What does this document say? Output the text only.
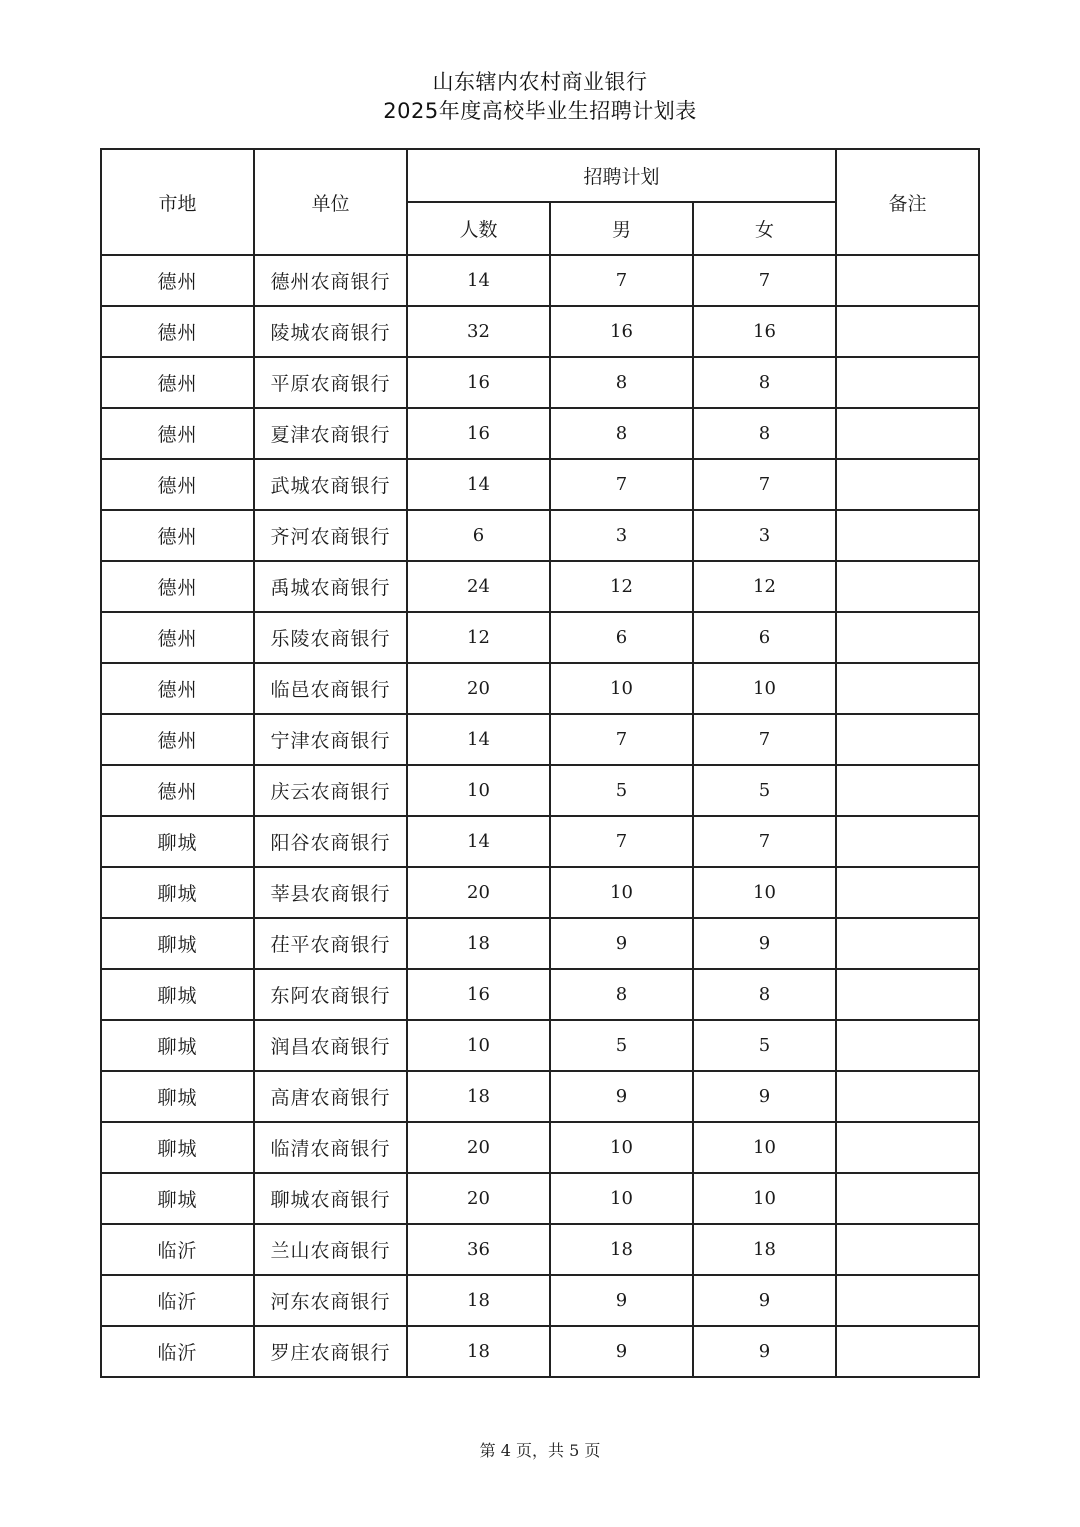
山东辖内农村商业银行
2025年度高校毕业生招聘计划表
市地	单位	招聘计划			备注
		人数	男	女	
德州	德州农商银行	14	7	7	
德州	陵城农商银行	32	16	16	
德州	平原农商银行	16	8	8	
德州	夏津农商银行	16	8	8	
德州	武城农商银行	14	7	7	
德州	齐河农商银行	6	3	3	
德州	禹城农商银行	24	12	12	
德州	乐陵农商银行	12	6	6	
德州	临邑农商银行	20	10	10	
德州	宁津农商银行	14	7	7	
德州	庆云农商银行	10	5	5	
聊城	阳谷农商银行	14	7	7	
聊城	莘县农商银行	20	10	10	
聊城	茌平农商银行	18	9	9	
聊城	东阿农商银行	16	8	8	
聊城	润昌农商银行	10	5	5	
聊城	高唐农商银行	18	9	9	
聊城	临清农商银行	20	10	10	
聊城	聊城农商银行	20	10	10	
临沂	兰山农商银行	36	18	18	
临沂	河东农商银行	18	9	9	
临沂	罗庄农商银行	18	9	9	
第 4 页，共 5 页
